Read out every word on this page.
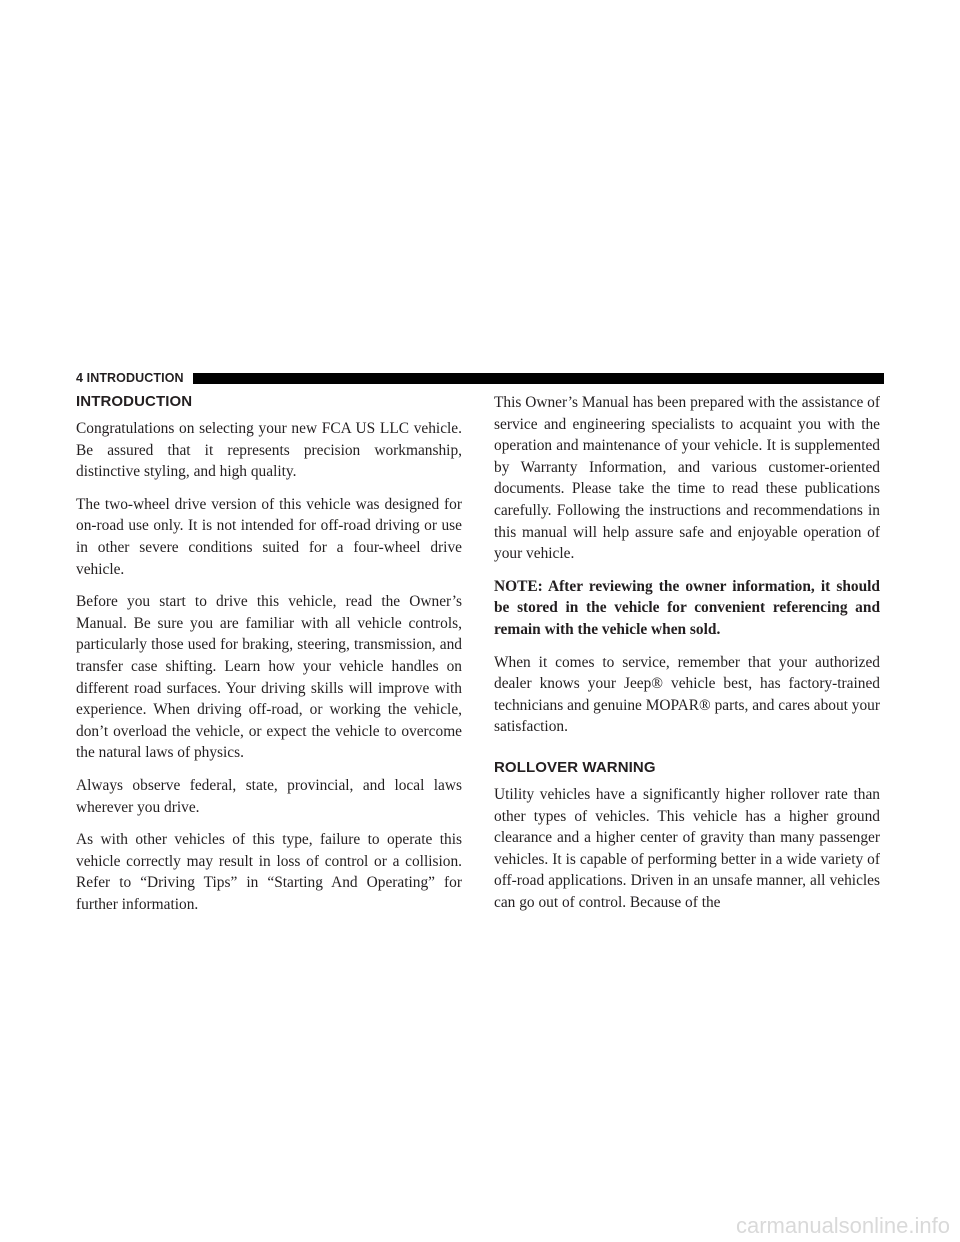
4 INTRODUCTION
INTRODUCTION

Congratulations on selecting your new FCA US LLC vehicle. Be assured that it represents precision workmanship, distinctive styling, and high quality.

The two-wheel drive version of this vehicle was designed for on-road use only. It is not intended for off-road driving or use in other severe conditions suited for a four-wheel drive vehicle.

Before you start to drive this vehicle, read the Owner’s Manual. Be sure you are familiar with all vehicle controls, particularly those used for braking, steering, transmission, and transfer case shifting. Learn how your vehicle handles on different road surfaces. Your driving skills will improve with experience. When driving off-road, or working the vehicle, don’t overload the vehicle, or expect the vehicle to overcome the natural laws of physics.

Always observe federal, state, provincial, and local laws wherever you drive.

As with other vehicles of this type, failure to operate this vehicle correctly may result in loss of control or a collision. Refer to “Driving Tips” in “Starting And Operating” for further information.

This Owner’s Manual has been prepared with the assistance of service and engineering specialists to acquaint you with the operation and maintenance of your vehicle. It is supplemented by Warranty Information, and various customer-oriented documents. Please take the time to read these publications carefully. Following the instructions and recommendations in this manual will help assure safe and enjoyable operation of your vehicle.

NOTE: After reviewing the owner information, it should be stored in the vehicle for convenient referencing and remain with the vehicle when sold.

When it comes to service, remember that your authorized dealer knows your Jeep® vehicle best, has factory-trained technicians and genuine MOPAR® parts, and cares about your satisfaction.

ROLLOVER WARNING

Utility vehicles have a significantly higher rollover rate than other types of vehicles. This vehicle has a higher ground clearance and a higher center of gravity than many passenger vehicles. It is capable of performing better in a wide variety of off-road applications. Driven in an unsafe manner, all vehicles can go out of control. Because of the

carmanualsonline.info
